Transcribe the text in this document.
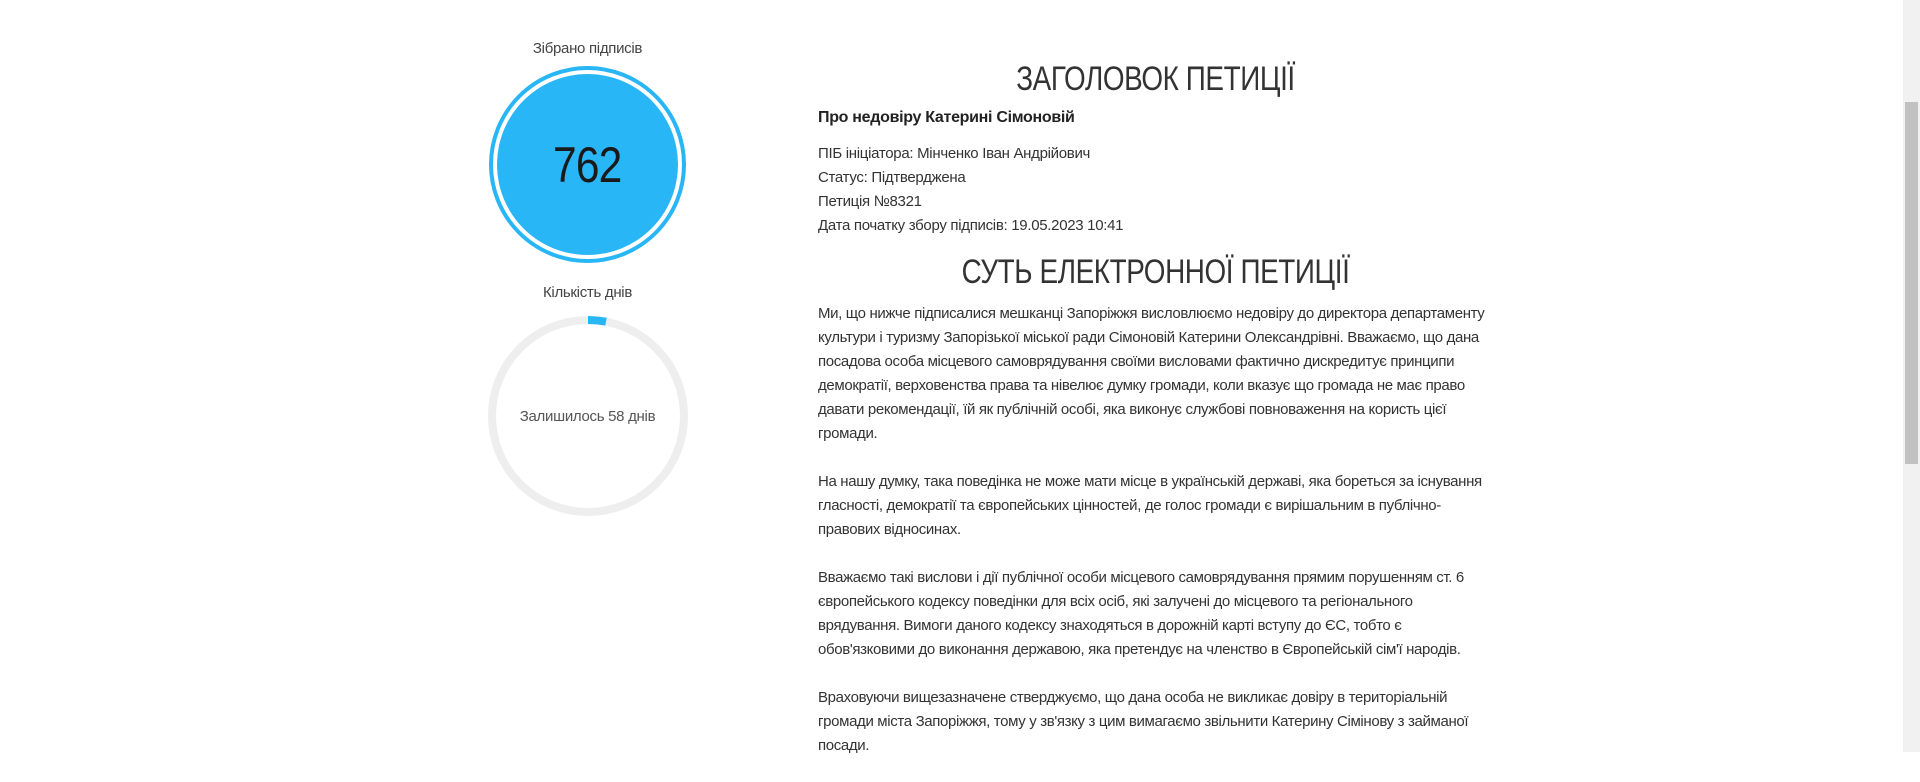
Зібрано підписів
762
Кількість днів
Залишилось 58 днів
ЗАГОЛОВОК ПЕТИЦІЇ
Про недовіру Катерині Сімоновій
ПІБ ініціатора: Мінченко Іван Андрійович
Статус: Підтверджена
Петиція №8321
Дата початку збору підписів: 19.05.2023 10:41
СУТЬ ЕЛЕКТРОННОЇ ПЕТИЦІЇ

Ми, що нижче підписалися мешканці Запоріжжя висловлюємо недовіру до директора департаменту культури і туризму Запорізької міської ради Сімоновій Катерини Олександрівні. Вважаємо, що дана посадова особа місцевого самоврядування своїми висловами фактично дискредитує принципи демократії, верховенства права та нівелює думку громади, коли вказує що громада не має право давати рекомендації, їй як публічній особі, яка виконує службові повноваження на користь цієї громади.

На нашу думку, така поведінка не може мати місце в українській державі, яка бореться за існування гласності, демократії та європейських цінностей, де голос громади є вирішальним в публічно-правових відносинах.

Вважаємо такі вислови і дії публічної особи місцевого самоврядування прямим порушенням ст. 6 європейського кодексу поведінки для всіх осіб, які залучені до місцевого та регіонального врядування. Вимоги даного кодексу знаходяться в дорожній карті вступу до ЄС, тобто є обов'язковими до виконання державою, яка претендує на членство в Європейській сім'ї народів.

Враховуючи вищезазначене стверджуємо, що дана особа не викликає довіру в територіальній громади міста Запоріжжя, тому у зв'язку з цим вимагаємо звільнити Катерину Сімінову з займаної посади.
